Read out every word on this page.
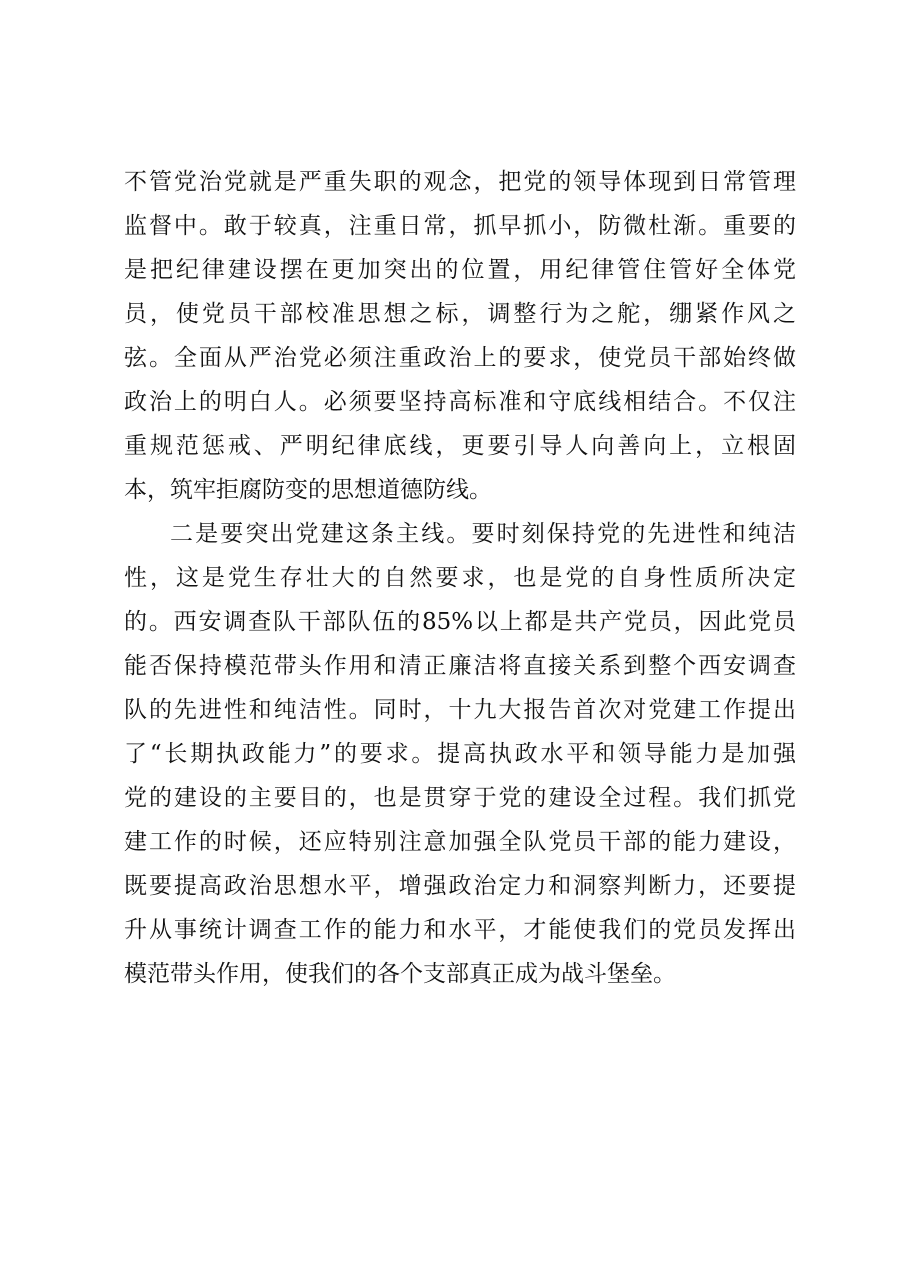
不管党治党就是严重失职的观念，把党的领导体现到日常管理
监督中。敢于较真，注重日常，抓早抓小，防微杜渐。重要的
是把纪律建设摆在更加突出的位置，用纪律管住管好全体党
员，使党员干部校准思想之标，调整行为之舵，绷紧作风之
弦。全面从严治党必须注重政治上的要求，使党员干部始终做
政治上的明白人。必须要坚持高标准和守底线相结合。不仅注
重规范惩戒、严明纪律底线，更要引导人向善向上，立根固
本，筑牢拒腐防变的思想道德防线。
二是要突出党建这条主线。要时刻保持党的先进性和纯洁
性，这是党生存壮大的自然要求，也是党的自身性质所决定
的。西安调查队干部队伍的85%以上都是共产党员，因此党员
能否保持模范带头作用和清正廉洁将直接关系到整个西安调查
队的先进性和纯洁性。同时，十九大报告首次对党建工作提出
了“长期执政能力”的要求。提高执政水平和领导能力是加强
党的建设的主要目的，也是贯穿于党的建设全过程。我们抓党
建工作的时候，还应特别注意加强全队党员干部的能力建设，
既要提高政治思想水平，增强政治定力和洞察判断力，还要提
升从事统计调查工作的能力和水平，才能使我们的党员发挥出
模范带头作用，使我们的各个支部真正成为战斗堡垒。
